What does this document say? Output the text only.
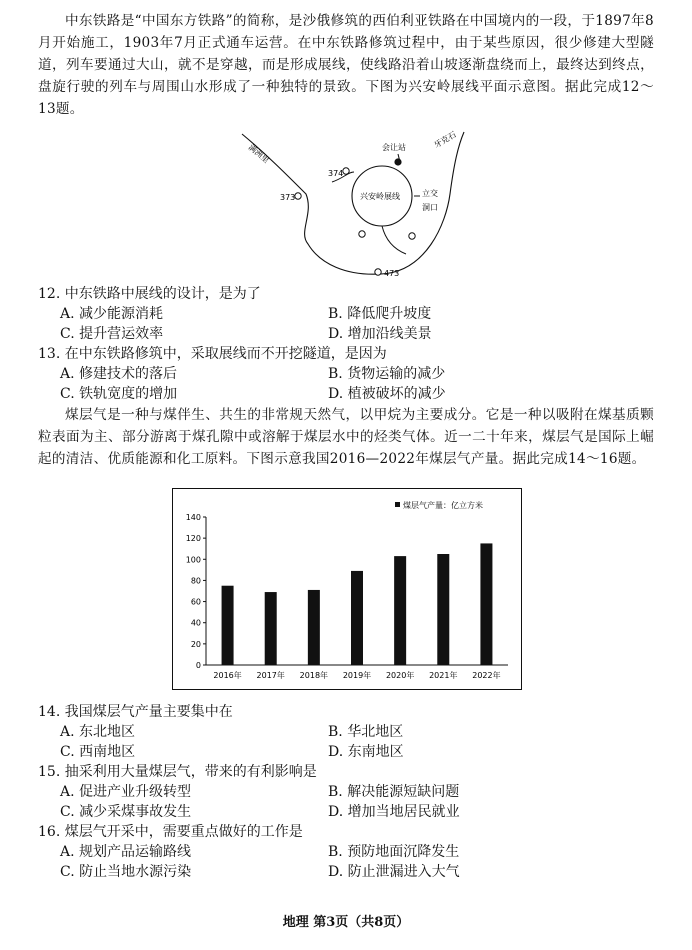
中东铁路是“中国东方铁路”的简称，是沙俄修筑的西伯利亚铁路在中国境内的一段，于1897年8月开始施工，1903年7月正式通车运营。在中东铁路修筑过程中，由于某些原因，很少修建大型隧道，列车要通过大山，就不是穿越，而是形成展线，使线路沿着山坡逐渐盘绕而上，最终达到终点，盘旋行驶的列车与周围山水形成了一种独特的景致。下图为兴安岭展线平面示意图。据此完成12～13题。
满洲里
牙克石
会让站
兴安岭展线	立交
洞口
374
373
473
12. 中东铁路中展线的设计，是为了
A. 减少能源消耗	B. 降低爬升坡度
C. 提升营运效率	D. 增加沿线美景
13. 在中东铁路修筑中，采取展线而不开挖隧道，是因为
A. 修建技术的落后	B. 货物运输的减少
C. 铁轨宽度的增加	D. 植被破坏的减少
煤层气是一种与煤伴生、共生的非常规天然气，以甲烷为主要成分。它是一种以吸附在煤基质颗粒表面为主、部分游离于煤孔隙中或溶解于煤层水中的烃类气体。近一二十年来，煤层气是国际上崛起的清洁、优质能源和化工原料。下图示意我国2016—2022年煤层气产量。据此完成14～16题。
煤层气产量：亿立方米
2016年 2017年 2018年 2019年 2020年 2021年 2022年
0
20
40
60
80
100
120
140
14. 我国煤层气产量主要集中在
A. 东北地区	B. 华北地区
C. 西南地区	D. 东南地区
15. 抽采利用大量煤层气，带来的有利影响是
A. 促进产业升级转型	B. 解决能源短缺问题
C. 减少采煤事故发生	D. 增加当地居民就业
16. 煤层气开采中，需要重点做好的工作是
A. 规划产品运输路线	B. 预防地面沉降发生
C. 防止当地水源污染	D. 防止泄漏进入大气
地理 第3页（共8页）
